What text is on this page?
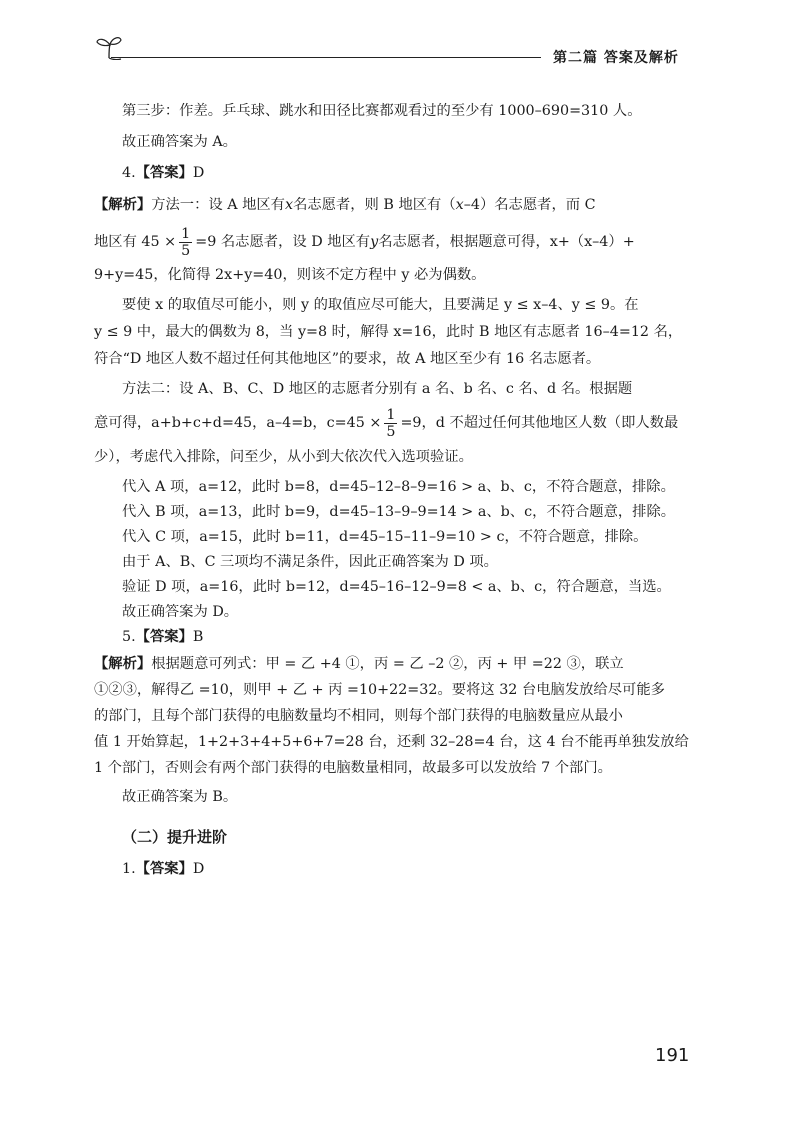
第二篇 答案及解析

第三步：作差。乒乓球、跳水和田径比赛都观看过的至少有 1000–690=310 人。

故正确答案为 A。

4.【答案】D

【解析】方法一：设 A 地区有x名志愿者，则 B 地区有（x–4）名志愿者，而 C

地区有 $45 \times \frac{1}{5} =9$ 名志愿者，设 D 地区有y名志愿者，根据题意可得，x+（x–4）+

9+y=45，化简得 2x+y=40，则该不定方程中 y 必为偶数。

要使 x 的取值尽可能小，则 y 的取值应尽可能大，且要满足 y ≤ x–4、y ≤ 9。在

y ≤ 9 中，最大的偶数为 8，当 y=8 时，解得 x=16，此时 B 地区有志愿者 16–4=12 名，

符合“D 地区人数不超过任何其他地区”的要求，故 A 地区至少有 16 名志愿者。

方法二：设 A、B、C、D 地区的志愿者分别有 a 名、b 名、c 名、d 名。根据题

意可得，a+b+c+d=45，a–4=b，$c=45 \times \frac{1}{5} =9$，d 不超过任何其他地区人数（即人数最

少），考虑代入排除，问至少，从小到大依次代入选项验证。

代入 A 项，a=12，此时 b=8，d=45–12–8–9=16 > a、b、c，不符合题意，排除。

代入 B 项，a=13，此时 b=9，d=45–13–9–9=14 > a、b、c，不符合题意，排除。

代入 C 项，a=15，此时 b=11，d=45–15–11–9=10 > c，不符合题意，排除。

由于 A、B、C 三项均不满足条件，因此正确答案为 D 项。

验证 D 项，a=16，此时 b=12，d=45–16–12–9=8 < a、b、c，符合题意，当选。

故正确答案为 D。

5.【答案】B

【解析】根据题意可列式：甲 = 乙 +4 ①，丙 = 乙 –2 ②，丙 + 甲 =22 ③，联立

①②③，解得乙 =10，则甲 + 乙 + 丙 =10+22=32。要将这 32 台电脑发放给尽可能多

的部门，且每个部门获得的电脑数量均不相同，则每个部门获得的电脑数量应从最小

值 1 开始算起，1+2+3+4+5+6+7=28 台，还剩 32–28=4 台，这 4 台不能再单独发放给

1 个部门，否则会有两个部门获得的电脑数量相同，故最多可以发放给 7 个部门。

故正确答案为 B。

（二）提升进阶

1.【答案】D

191
